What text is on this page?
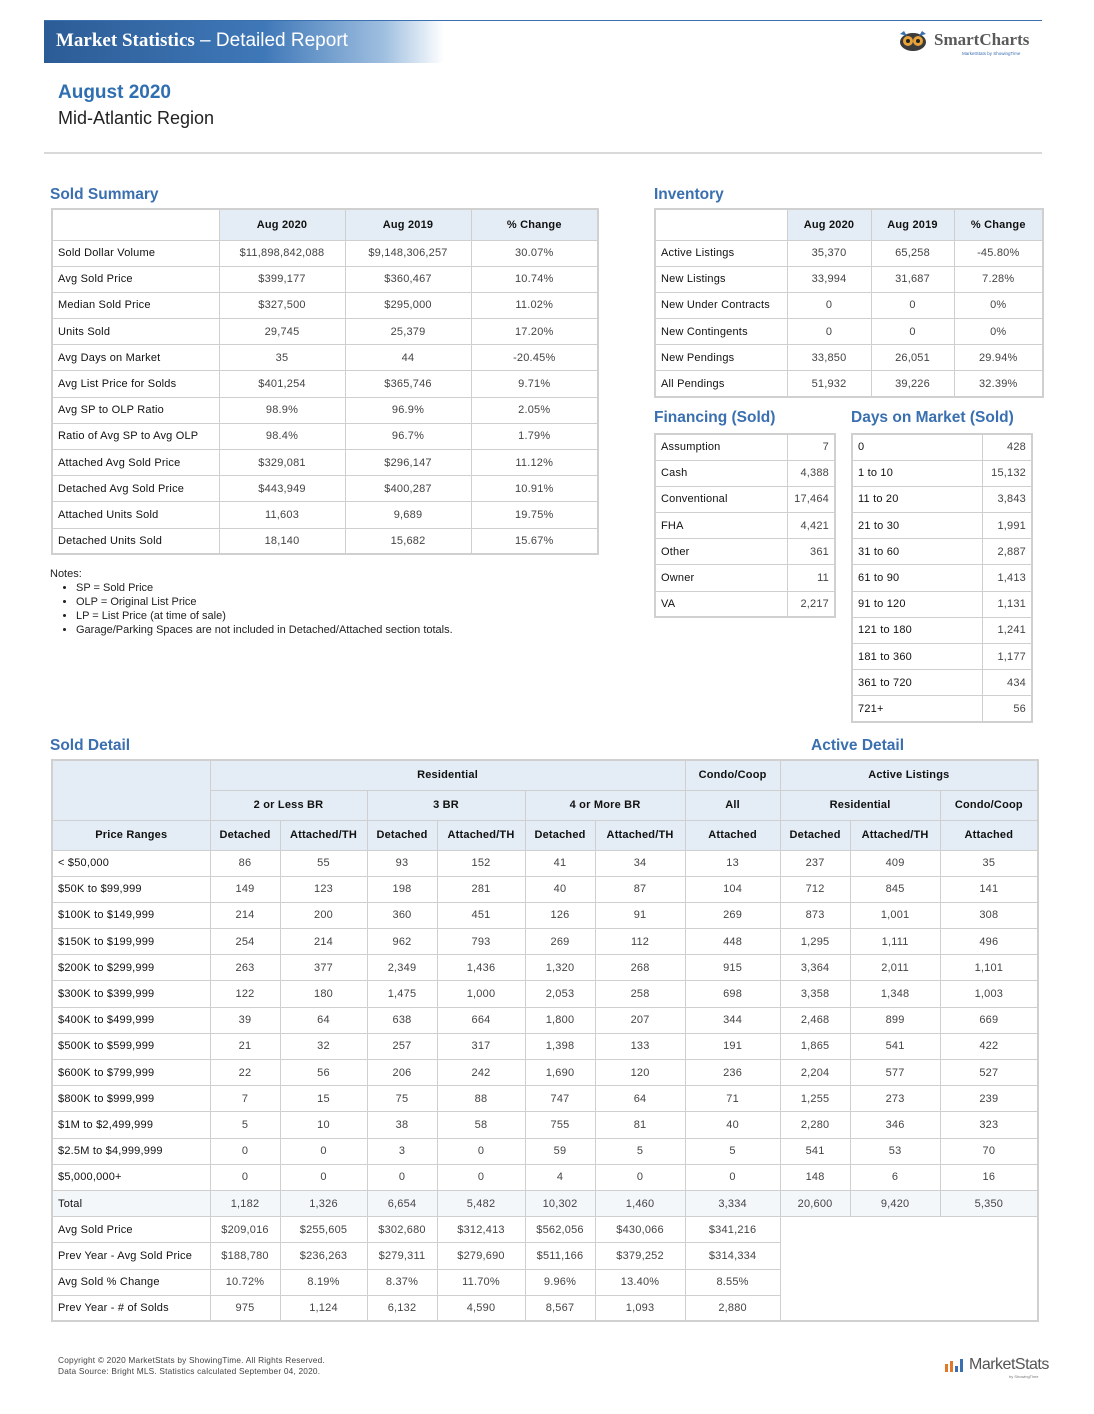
Market Statistics – Detailed Report	SmartCharts
MarketStats by ShowingTime
August 2020
Mid-Atlantic Region
Sold Summary
	Aug 2020	Aug 2019	% Change
Sold Dollar Volume	$11,898,842,088	$9,148,306,257	30.07%
Avg Sold Price	$399,177	$360,467	10.74%
Median Sold Price	$327,500	$295,000	11.02%
Units Sold	29,745	25,379	17.20%
Avg Days on Market	35	44	-20.45%
Avg List Price for Solds	$401,254	$365,746	9.71%
Avg SP to OLP Ratio	98.9%	96.9%	2.05%
Ratio of Avg SP to Avg OLP	98.4%	96.7%	1.79%
Attached Avg Sold Price	$329,081	$296,147	11.12%
Detached Avg Sold Price	$443,949	$400,287	10.91%
Attached Units Sold	11,603	9,689	19.75%
Detached Units Sold	18,140	15,682	15.67%
Notes:
• SP = Sold Price
• OLP = Original List Price
• LP = List Price (at time of sale)
• Garage/Parking Spaces are not included in Detached/Attached section totals.
Inventory
	Aug 2020	Aug 2019	% Change
Active Listings	35,370	65,258	-45.80%
New Listings	33,994	31,687	7.28%
New Under Contracts	0	0	0%
New Contingents	0	0	0%
New Pendings	33,850	26,051	29.94%
All Pendings	51,932	39,226	32.39%
Financing (Sold)
Assumption	7
Cash	4,388
Conventional	17,464
FHA	4,421
Other	361
Owner	11
VA	2,217
Days on Market (Sold)
0	428
1 to 10	15,132
11 to 20	3,843
21 to 30	1,991
31 to 60	2,887
61 to 90	1,413
91 to 120	1,131
121 to 180	1,241
181 to 360	1,177
361 to 720	434
721+	56
Sold Detail	Active Detail
	Residential						Condo/Coop	Active Listings		
	2 or Less BR		3 BR		4 or More BR		All	Residential		Condo/Coop
Price Ranges	Detached	Attached/TH	Detached	Attached/TH	Detached	Attached/TH	Attached	Detached	Attached/TH	Attached
< $50,000	86	55	93	152	41	34	13	237	409	35
$50K to $99,999	149	123	198	281	40	87	104	712	845	141
$100K to $149,999	214	200	360	451	126	91	269	873	1,001	308
$150K to $199,999	254	214	962	793	269	112	448	1,295	1,111	496
$200K to $299,999	263	377	2,349	1,436	1,320	268	915	3,364	2,011	1,101
$300K to $399,999	122	180	1,475	1,000	2,053	258	698	3,358	1,348	1,003
$400K to $499,999	39	64	638	664	1,800	207	344	2,468	899	669
$500K to $599,999	21	32	257	317	1,398	133	191	1,865	541	422
$600K to $799,999	22	56	206	242	1,690	120	236	2,204	577	527
$800K to $999,999	7	15	75	88	747	64	71	1,255	273	239
$1M to $2,499,999	5	10	38	58	755	81	40	2,280	346	323
$2.5M to $4,999,999	0	0	3	0	59	5	5	541	53	70
$5,000,000+	0	0	0	0	4	0	0	148	6	16
Total	1,182	1,326	6,654	5,482	10,302	1,460	3,334	20,600	9,420	5,350
Avg Sold Price	$209,016	$255,605	$302,680	$312,413	$562,056	$430,066	$341,216			
Prev Year - Avg Sold Price	$188,780	$236,263	$279,311	$279,690	$511,166	$379,252	$314,334			
Avg Sold % Change	10.72%	8.19%	8.37%	11.70%	9.96%	13.40%	8.55%			
Prev Year - # of Solds	975	1,124	6,132	4,590	8,567	1,093	2,880			
Copyright © 2020 MarketStats by ShowingTime. All Rights Reserved.
Data Source: Bright MLS. Statistics calculated September 04, 2020.	MarketStats
by ShowingTime
